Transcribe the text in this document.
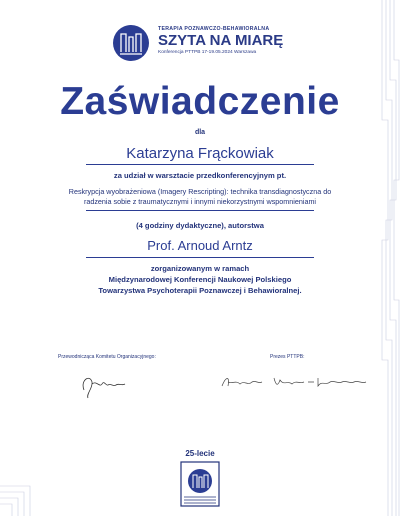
TERAPIA POZNAWCZO-BEHAWIORALNA
SZYTA NA MIARĘ
Konferencja PTTPB 17-19.05.2024 Warszawa
Zaświadczenie
dla
Katarzyna Frąckowiak
za udział w warsztacie przedkonferencyjnym pt.
Reskrypcja wyobrażeniowa (Imagery Rescripting): technika transdiagnostyczna do
radzenia sobie z traumatycznymi i innymi niekorzystnymi wspomnieniami
(4 godziny dydaktyczne), autorstwa
Prof. Arnoud Arntz
zorganizowanym w ramach
Międzynarodowej Konferencji Naukowej Polskiego
Towarzystwa Psychoterapii Poznawczej i Behawioralnej.
Przewodnicząca Komitetu Organizacyjnego:	Prezes PTTPB:
25-lecie
